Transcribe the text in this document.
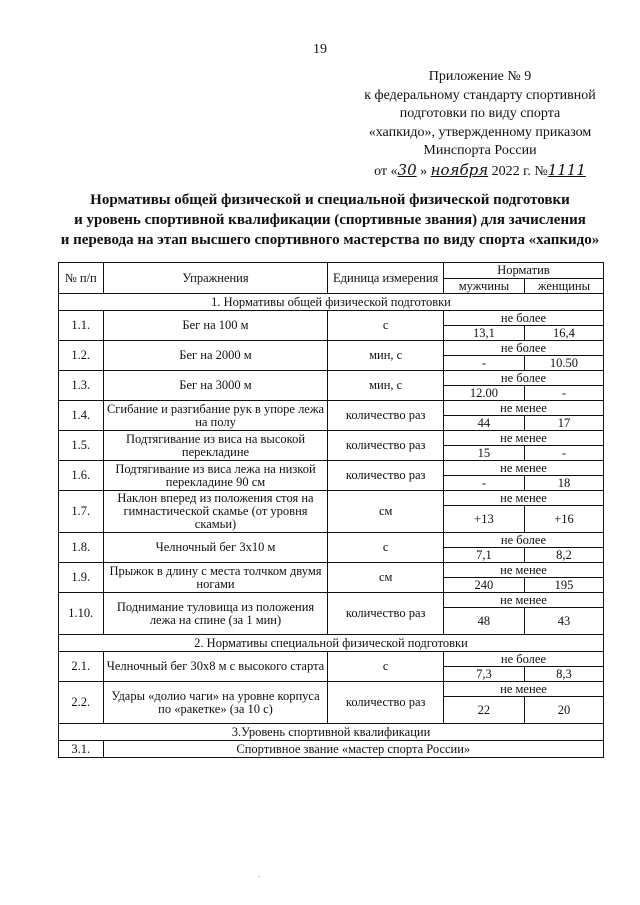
19
Приложение № 9
к федеральному стандарту спортивной
подготовки по виду спорта
«хапкидо», утвержденному приказом
Минспорта России
от «30 » ноября 2022 г. №1111
Нормативы общей физической и специальной физической подготовки
и уровень спортивной квалификации (спортивные звания) для зачисления
и перевода на этап высшего спортивного мастерства по виду спорта «хапкидо»
№ п/п	Упражнения	Единица измерения	Норматив	
			мужчины	женщины
1. Нормативы общей физической подготовки				
1.1.	Бег на 100 м	с	не более	
			13,1	16,4
1.2.	Бег на 2000 м	мин, с	не более	
			-	10.50
1.3.	Бег на 3000 м	мин, с	не более	
			12.00	-
1.4.	Сгибание и разгибание рук в упоре лежа на полу	количество раз	не менее	
			44	17
1.5.	Подтягивание из виса на высокой перекладине	количество раз	не менее	
			15	-
1.6.	Подтягивание из виса лежа на низкой перекладине 90 см	количество раз	не менее	
			-	18
1.7.	Наклон вперед из положения стоя на гимнастической скамье (от уровня скамьи)	см	не менее	
			+13	+16
1.8.	Челночный бег 3х10 м	с	не более	
			7,1	8,2
1.9.	Прыжок в длину с места толчком двумя ногами	см	не менее	
			240	195
1.10.	Поднимание туловища из положения лежа на спине (за 1 мин)	количество раз	не менее	
			48	43
2. Нормативы специальной физической подготовки				
2.1.	Челночный бег 30х8 м с высокого старта	с	не более	
			7,3	8,3
2.2.	Удары «долио чаги» на уровне корпуса по «ракетке» (за 10 с)	количество раз	не менее	
			22	20
3.Уровень спортивной квалификации				
3.1.	Спортивное звание «мастер спорта России»			
.
